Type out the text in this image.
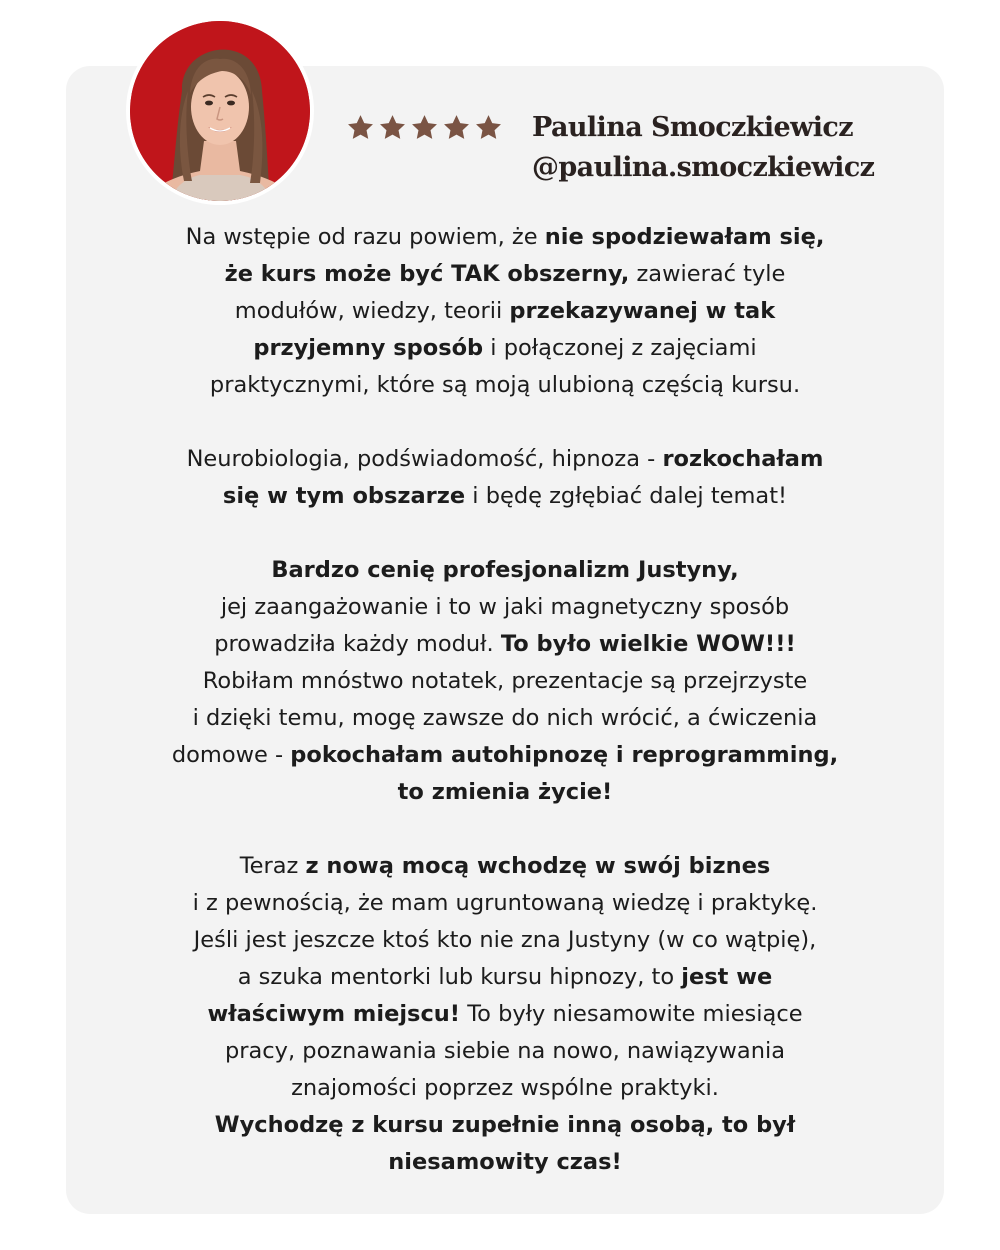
Paulina Smoczkiewicz
@paulina.smoczkiewicz

Na wstępie od razu powiem, że nie spodziewałam się,
że kurs może być TAK obszerny, zawierać tyle
modułów, wiedzy, teorii przekazywanej w tak
przyjemny sposób i połączonej z zajęciami
praktycznymi, które są moją ulubioną częścią kursu.

Neurobiologia, podświadomość, hipnoza - rozkochałam
się w tym obszarze i będę zgłębiać dalej temat!

Bardzo cenię profesjonalizm Justyny,
jej zaangażowanie i to w jaki magnetyczny sposób
prowadziła każdy moduł. To było wielkie WOW!!!
Robiłam mnóstwo notatek, prezentacje są przejrzyste
i dzięki temu, mogę zawsze do nich wrócić, a ćwiczenia
domowe - pokochałam autohipnozę i reprogramming,
to zmienia życie!

Teraz z nową mocą wchodzę w swój biznes
i z pewnością, że mam ugruntowaną wiedzę i praktykę.
Jeśli jest jeszcze ktoś kto nie zna Justyny (w co wątpię),
a szuka mentorki lub kursu hipnozy, to jest we
właściwym miejscu! To były niesamowite miesiące
pracy, poznawania siebie na nowo, nawiązywania
znajomości poprzez wspólne praktyki.
Wychodzę z kursu zupełnie inną osobą, to był
niesamowity czas!
